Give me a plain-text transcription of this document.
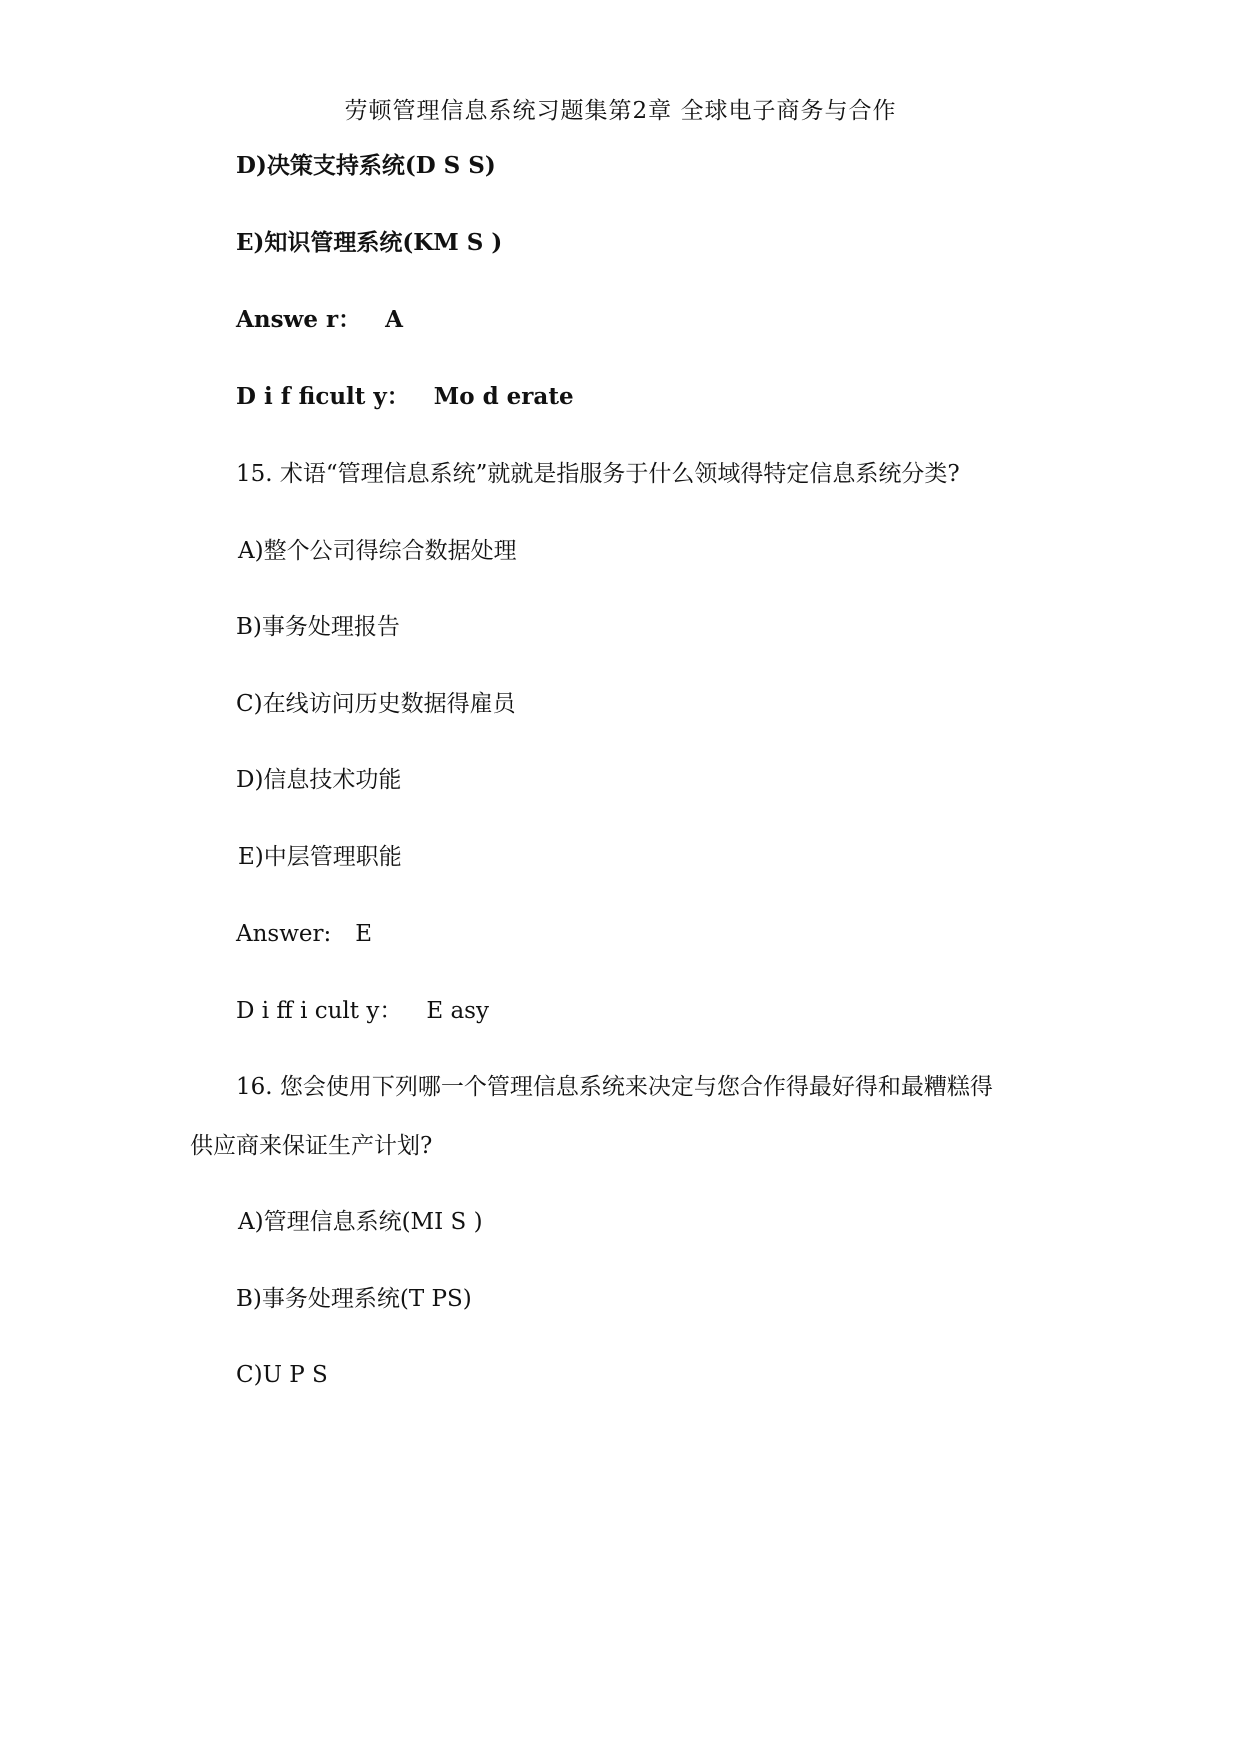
劳顿管理信息系统习题集第2章 全球电子商务与合作
D)决策支持系统(D S S)
E)知识管理系统(KM S )
Answe r： A
D i f ficult y： Mo d erate
15. 术语“管理信息系统”就就是指服务于什么领域得特定信息系统分类?
A)整个公司得综合数据处理
B)事务处理报告
C)在线访问历史数据得雇员
D)信息技术功能
E)中层管理职能
Answer: E
D i ff i cult y： E asy
16. 您会使用下列哪一个管理信息系统来决定与您合作得最好得和最糟糕得
供应商来保证生产计划?
A)管理信息系统(MI S )
B)事务处理系统(T PS)
C)U P S
